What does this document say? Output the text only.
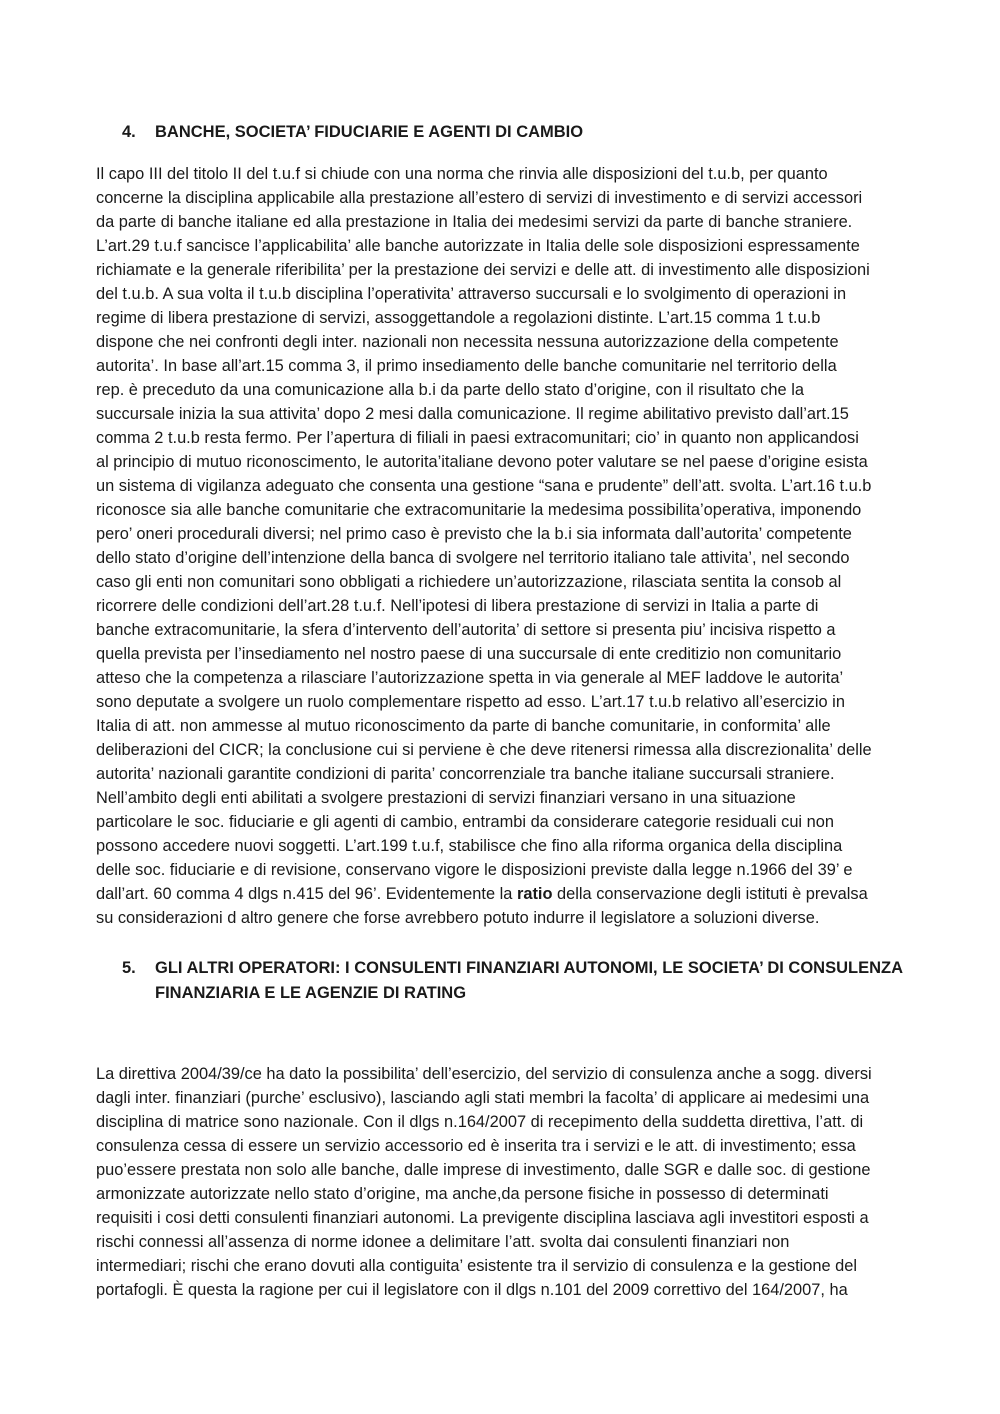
4.	BANCHE, SOCIETA’ FIDUCIARIE E AGENTI DI CAMBIO
Il capo III del titolo II del t.u.f si chiude con una norma che rinvia alle disposizioni del t.u.b, per quanto
concerne la disciplina applicabile alla prestazione all’estero di servizi di investimento e di servizi accessori
da parte di banche italiane ed alla prestazione in Italia dei medesimi servizi da parte di banche straniere.
L’art.29 t.u.f sancisce l’applicabilita’ alle banche autorizzate in Italia delle sole disposizioni espressamente
richiamate e la generale riferibilita’ per la prestazione dei servizi e delle att. di investimento alle disposizioni
del t.u.b. A sua volta il t.u.b disciplina l’operativita’ attraverso succursali e lo svolgimento di operazioni in
regime di libera prestazione di servizi, assoggettandole a regolazioni distinte. L’art.15 comma 1 t.u.b
dispone che nei confronti degli inter. nazionali non necessita nessuna autorizzazione della competente
autorita’. In base all’art.15 comma 3, il primo insediamento delle banche comunitarie nel territorio della
rep. è preceduto da una comunicazione alla b.i da parte dello stato d’origine, con il risultato che la
succursale inizia la sua attivita’ dopo 2 mesi dalla comunicazione. Il regime abilitativo previsto dall’art.15
comma 2 t.u.b resta fermo. Per l’apertura di filiali in paesi extracomunitari; cio’ in quanto non applicandosi
al principio di mutuo riconoscimento, le autorita’italiane devono poter valutare se nel paese d’origine esista
un sistema di vigilanza adeguato che consenta una gestione “sana e prudente” dell’att. svolta. L’art.16 t.u.b
riconosce sia alle banche comunitarie che extracomunitarie la medesima possibilita’operativa, imponendo
pero’ oneri procedurali diversi; nel primo caso è previsto che la b.i sia informata dall’autorita’ competente
dello stato d’origine dell’intenzione della banca di svolgere nel territorio italiano tale attivita’, nel secondo
caso gli enti non comunitari sono obbligati a richiedere un’autorizzazione, rilasciata sentita la consob al
ricorrere delle condizioni dell’art.28 t.u.f. Nell’ipotesi di libera prestazione di servizi in Italia a parte di
banche extracomunitarie, la sfera d’intervento dell’autorita’ di settore si presenta piu’ incisiva rispetto a
quella prevista per l’insediamento nel nostro paese di una succursale di ente creditizio non comunitario
atteso che la competenza a rilasciare l’autorizzazione spetta in via generale al MEF laddove le autorita’
sono deputate a svolgere un ruolo complementare rispetto ad esso. L’art.17 t.u.b relativo all’esercizio in
Italia di att. non ammesse al mutuo riconoscimento da parte di banche comunitarie, in conformita’ alle
deliberazioni del CICR; la conclusione cui si perviene è che deve ritenersi rimessa alla discrezionalita’ delle
autorita’ nazionali garantite condizioni di parita’ concorrenziale tra banche italiane succursali straniere.
Nell’ambito degli enti abilitati a svolgere prestazioni di servizi finanziari versano in una situazione
particolare le soc. fiduciarie e gli agenti di cambio, entrambi da considerare categorie residuali cui non
possono accedere nuovi soggetti. L’art.199 t.u.f, stabilisce che fino alla riforma organica della disciplina
delle soc. fiduciarie e di revisione, conservano vigore le disposizioni previste dalla legge n.1966 del 39’ e
dall’art. 60 comma 4 dlgs n.415 del 96’. Evidentemente la ratio della conservazione degli istituti è prevalsa
su considerazioni d altro genere che forse avrebbero potuto indurre il legislatore a soluzioni diverse.
5.	GLI ALTRI OPERATORI: I CONSULENTI FINANZIARI AUTONOMI, LE SOCIETA’ DI CONSULENZA FINANZIARIA E LE AGENZIE DI RATING
La direttiva 2004/39/ce ha dato la possibilita’ dell’esercizio, del servizio di consulenza anche a sogg. diversi
dagli inter. finanziari (purche’ esclusivo), lasciando agli stati membri la facolta’ di applicare ai medesimi una
disciplina di matrice sono nazionale. Con il dlgs n.164/2007 di recepimento della suddetta direttiva, l’att. di
consulenza cessa di essere un servizio accessorio ed è inserita tra i servizi e le att. di investimento; essa
puo’essere prestata non solo alle banche, dalle imprese di investimento, dalle SGR e dalle soc. di gestione
armonizzate autorizzate nello stato d’origine, ma anche,da persone fisiche in possesso di determinati
requisiti i cosi detti consulenti finanziari autonomi. La previgente disciplina lasciava agli investitori esposti a
rischi connessi all’assenza di norme idonee a delimitare l’att. svolta dai consulenti finanziari non
intermediari; rischi che erano dovuti alla contiguita’ esistente tra il servizio di consulenza e la gestione del
portafogli. È questa la ragione per cui il legislatore con il dlgs n.101 del 2009 correttivo del 164/2007, ha
